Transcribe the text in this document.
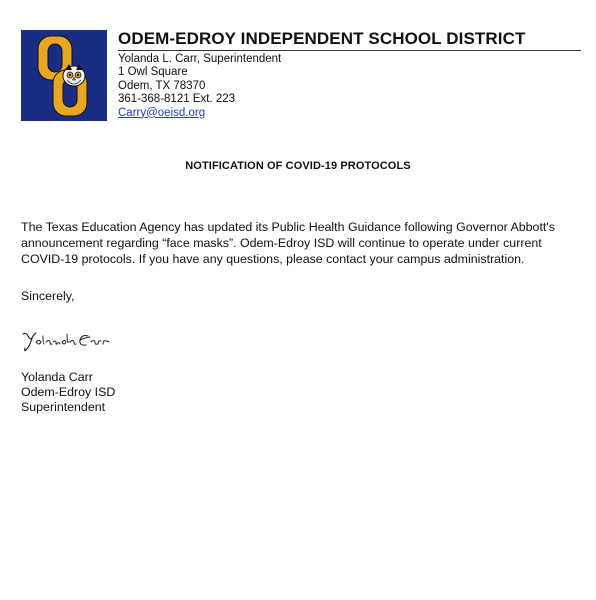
ODEM-EDROY INDEPENDENT SCHOOL DISTRICT
Yolanda L. Carr, Superintendent
1 Owl Square
Odem, TX 78370
361-368-8121 Ext. 223
Carry@oeisd.org
NOTIFICATION OF COVID-19 PROTOCOLS
The Texas Education Agency has updated its Public Health Guidance following Governor Abbott's announcement regarding “face masks”. Odem-Edroy ISD will continue to operate under current COVID-19 protocols. If you have any questions, please contact your campus administration.
Sincerely,
Yolanda Carr
Odem-Edroy ISD
Superintendent
